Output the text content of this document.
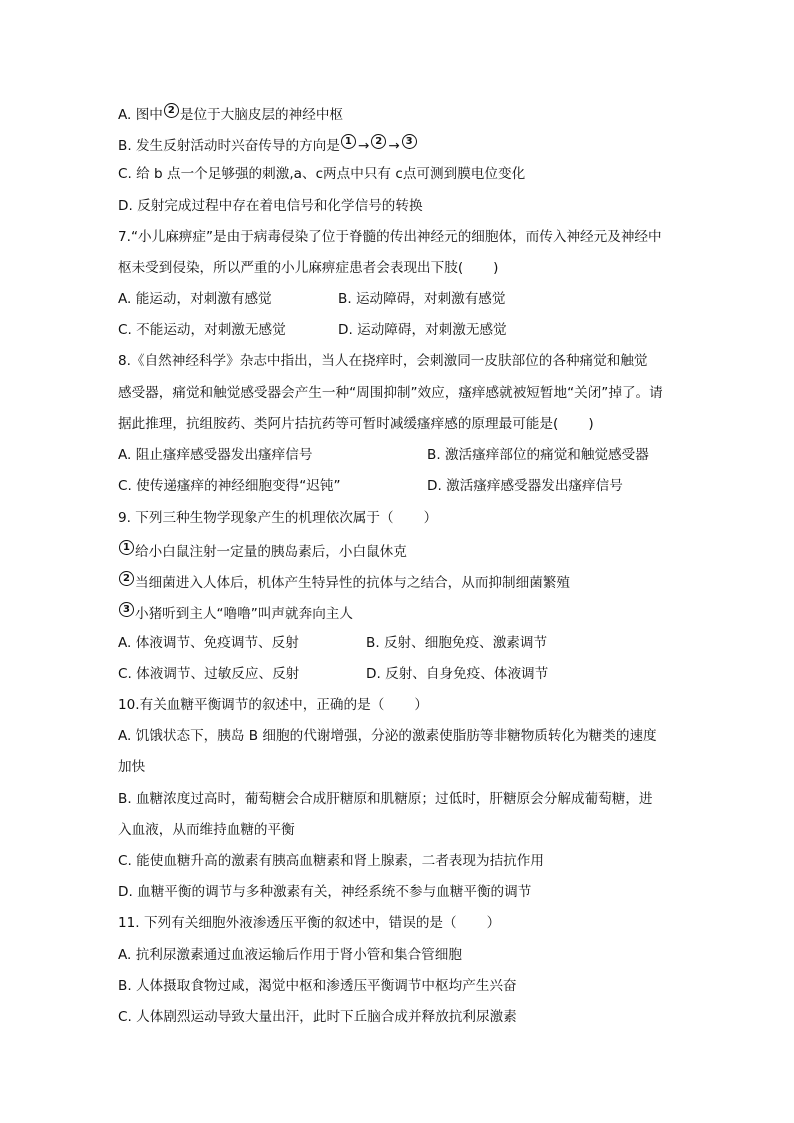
A. 图中 2 是位于大脑皮层的神经中枢
B. 发生反射活动时兴奋传导的方向是 1 → 2 → 3
C. 给 b 点一个足够强的刺激,a、c两点中只有 c点可测到膜电位变化
D. 反射完成过程中存在着电信号和化学信号的转换
7.“小儿麻痹症”是由于病毒侵染了位于脊髓的传出神经元的细胞体，而传入神经元及神经中
枢未受到侵染，所以严重的小儿麻痹症患者会表现出下肢( )
A. 能运动，对刺激有感觉	B. 运动障碍，对刺激有感觉
C. 不能运动，对刺激无感觉	D. 运动障碍，对刺激无感觉
8.《自然神经科学》杂志中指出，当人在挠痒时，会刺激同一皮肤部位的各种痛觉和触觉
感受器，痛觉和触觉感受器会产生一种“周围抑制”效应，瘙痒感就被短暂地“关闭”掉了。请
据此推理，抗组胺药、类阿片拮抗药等可暂时减缓瘙痒感的原理最可能是( )
A. 阻止瘙痒感受器发出瘙痒信号	B. 激活瘙痒部位的痛觉和触觉感受器
C. 使传递瘙痒的神经细胞变得“迟钝”	D. 激活瘙痒感受器发出瘙痒信号
9. 下列三种生物学现象产生的机理依次属于（ ）
1 给小白鼠注射一定量的胰岛素后，小白鼠休克
2 当细菌进入人体后，机体产生特异性的抗体与之结合，从而抑制细菌繁殖
3 小猪听到主人“噜噜”叫声就奔向主人
A. 体液调节、免疫调节、反射	B. 反射、细胞免疫、激素调节
C. 体液调节、过敏反应、反射	D. 反射、自身免疫、体液调节
10.有关血糖平衡调节的叙述中，正确的是（ ）
A. 饥饿状态下，胰岛 B 细胞的代谢增强，分泌的激素使脂肪等非糖物质转化为糖类的速度
加快
B. 血糖浓度过高时，葡萄糖会合成肝糖原和肌糖原；过低时，肝糖原会分解成葡萄糖，进
入血液，从而维持血糖的平衡
C. 能使血糖升高的激素有胰高血糖素和肾上腺素，二者表现为拮抗作用
D. 血糖平衡的调节与多种激素有关，神经系统不参与血糖平衡的调节
11. 下列有关细胞外液渗透压平衡的叙述中，错误的是（ ）
A. 抗利尿激素通过血液运输后作用于肾小管和集合管细胞
B. 人体摄取食物过咸，渴觉中枢和渗透压平衡调节中枢均产生兴奋
C. 人体剧烈运动导致大量出汗，此时下丘脑合成并释放抗利尿激素
